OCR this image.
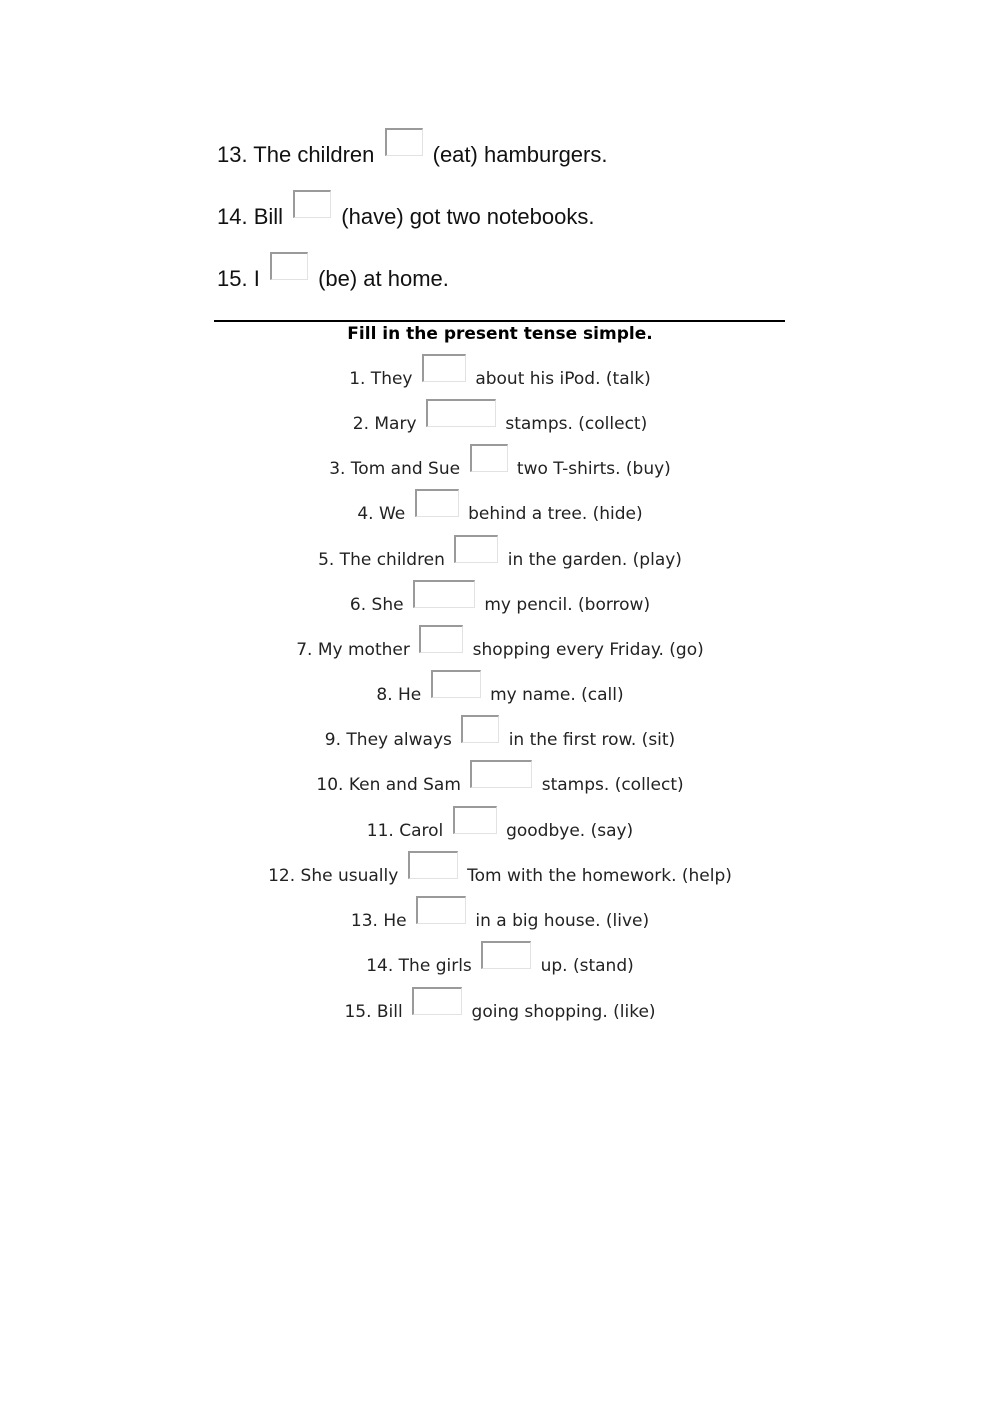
13. The children	(eat) hamburgers.
14. Bill	(have) got two notebooks.
15. I	(be) at home.
Fill in the present tense simple.
1. They	about his iPod. (talk)
2. Mary	stamps. (collect)
3. Tom and Sue	two T-shirts. (buy)
4. We	behind a tree. (hide)
5. The children	in the garden. (play)
6. She	my pencil. (borrow)
7. My mother	shopping every Friday. (go)
8. He	my name. (call)
9. They always	in the first row. (sit)
10. Ken and Sam	stamps. (collect)
11. Carol	goodbye. (say)
12. She usually	Tom with the homework. (help)
13. He	in a big house. (live)
14. The girls	up. (stand)
15. Bill	going shopping. (like)
